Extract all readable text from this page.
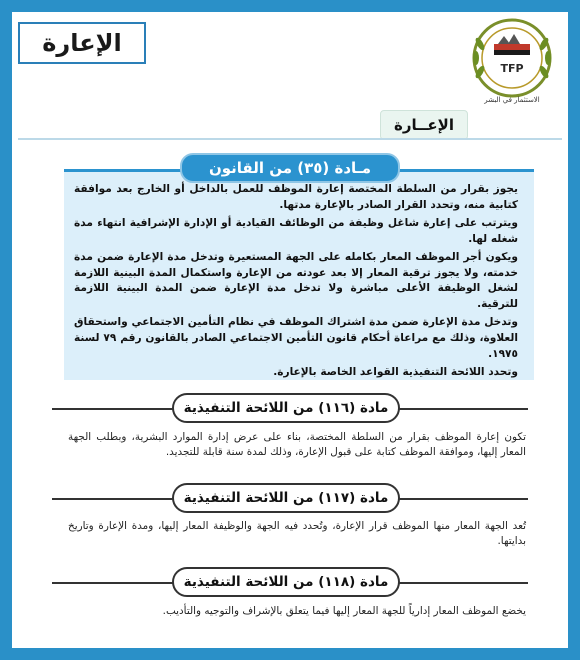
الإعارة
TFP
الاستثمار في البشر
الإعــارة

يجوز بقرار من السلطة المختصة إعارة الموظف للعمل بالداخل أو الخارج بعد موافقة كتابية منه، وتحدد القرار الصادر بالإعارة مدتها.

ويترتب على إعارة شاغل وظيفة من الوظائف القيادية أو الإدارة الإشرافية انتهاء مدة شغله لها.

ويكون أجر الموظف المعار بكامله على الجهة المستعيرة وتدخل مدة الإعارة ضمن مدة خدمته، ولا يجوز ترقية المعار إلا بعد عودته من الإعارة واستكمال المدة البينية اللازمة لشغل الوظيفة الأعلى مباشرة ولا تدخل مدة الإعارة ضمن المدة البينية اللازمة للترقية.

وتدخل مدة الإعارة ضمن مدة اشتراك الموظف في نظام التأمين الاجتماعي واستحقاق العلاوة، وذلك مع مراعاة أحكام قانون التأمين الاجتماعي الصادر بالقانون رقم ٧٩ لسنة ١٩٧٥.

وتحدد اللائحة التنفيذية القواعد الخاصة بالإعارة.

مـادة (٣٥) من القانون
مادة (١١٦) من اللائحة التنفيذية
تكون إعارة الموظف بقرار من السلطة المختصة، بناء على عرض إدارة الموارد البشرية، وبطلب الجهة المعار إليها، وموافقة الموظف كتابة على قبول الإعارة، وذلك لمدة سنة قابلة للتجديد.
مادة (١١٧) من اللائحة التنفيذية
تُعد الجهة المعار منها الموظف قرار الإعارة، وتُحدد فيه الجهة والوظيفة المعار إليها، ومدة الإعارة وتاريخ بدايتها.
مادة (١١٨) من اللائحة التنفيذية
يخضع الموظف المعار إدارياً للجهة المعار إليها فيما يتعلق بالإشراف والتوجيه والتأديب.
